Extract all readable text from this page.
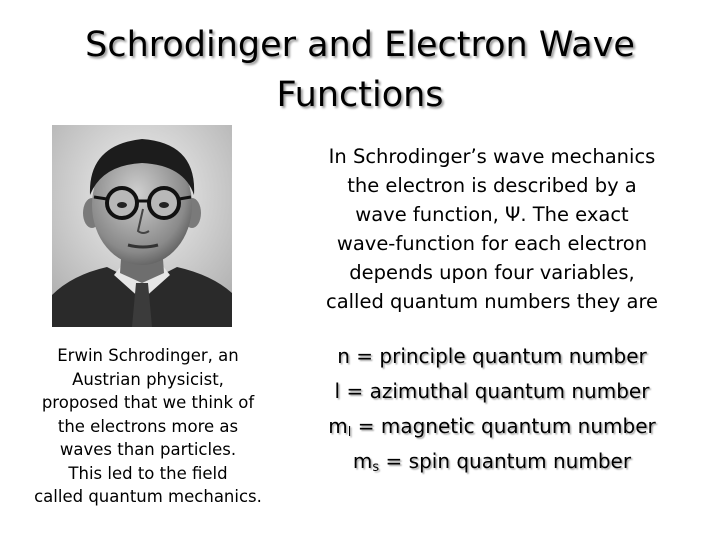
Schrodinger and Electron Wave
Functions
Erwin Schrodinger, an
Austrian physicist,
proposed that we think of
the electrons more as
waves than particles.
This led to the field
called quantum mechanics.
In Schrodinger’s wave mechanics
the electron is described by a
wave function, Ψ. The exact
wave-function for each electron
depends upon four variables,
called quantum numbers they are
n = principle quantum number
l = azimuthal quantum number
$m_l$ = magnetic quantum number
$m_s$ = spin quantum number
